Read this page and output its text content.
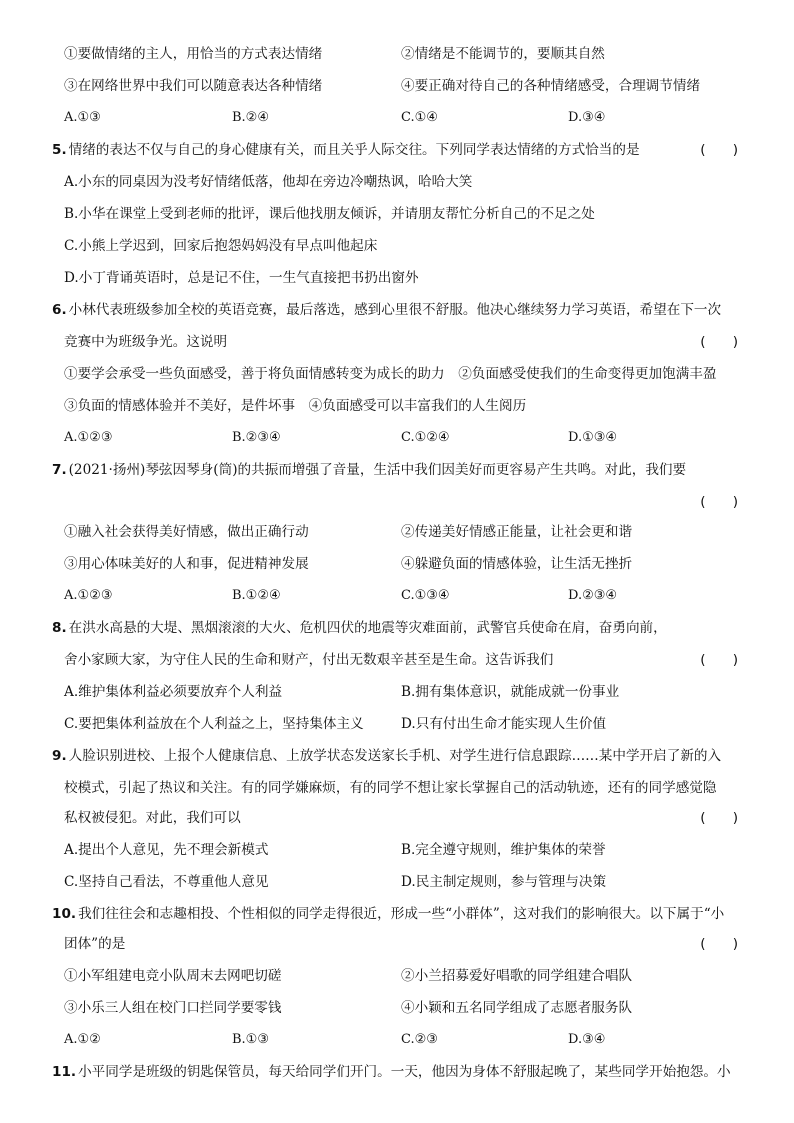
①要做情绪的主人，用恰当的方式表达情绪	②情绪是不能调节的，要顺其自然
③在网络世界中我们可以随意表达各种情绪	④要正确对待自己的各种情绪感受，合理调节情绪
A.①③	B.②④	C.①④	D.③④
5. 情绪的表达不仅与自己的身心健康有关，而且关乎人际交往。下列同学表达情绪的方式恰当的是	(　　)
A.小东的同桌因为没考好情绪低落，他却在旁边冷嘲热讽，哈哈大笑
B.小华在课堂上受到老师的批评，课后他找朋友倾诉，并请朋友帮忙分析自己的不足之处
C.小熊上学迟到，回家后抱怨妈妈没有早点叫他起床
D.小丁背诵英语时，总是记不住，一生气直接把书扔出窗外
6. 小林代表班级参加全校的英语竞赛，最后落选，感到心里很不舒服。他决心继续努力学习英语，希望在下一次
竞赛中为班级争光。这说明	(　　)
①要学会承受一些负面感受，善于将负面情感转变为成长的助力　②负面感受使我们的生命变得更加饱满丰盈
③负面的情感体验并不美好，是件坏事　④负面感受可以丰富我们的人生阅历
A.①②③	B.②③④	C.①②④	D.①③④
7. (2021·扬州)琴弦因琴身(筒)的共振而增强了音量，生活中我们因美好而更容易产生共鸣。对此，我们要
(　　)
①融入社会获得美好情感，做出正确行动	②传递美好情感正能量，让社会更和谐
③用心体味美好的人和事，促进精神发展	④躲避负面的情感体验，让生活无挫折
A.①②③	B.①②④	C.①③④	D.②③④
8. 在洪水高悬的大堤、黑烟滚滚的大火、危机四伏的地震等灾难面前，武警官兵使命在肩，奋勇向前，
舍小家顾大家，为守住人民的生命和财产，付出无数艰辛甚至是生命。这告诉我们	(　　)
A.维护集体利益必须要放弃个人利益	B.拥有集体意识，就能成就一份事业
C.要把集体利益放在个人利益之上，坚持集体主义	D.只有付出生命才能实现人生价值
9. 人脸识别进校、上报个人健康信息、上放学状态发送家长手机、对学生进行信息跟踪……某中学开启了新的入
校模式，引起了热议和关注。有的同学嫌麻烦，有的同学不想让家长掌握自己的活动轨迹，还有的同学感觉隐
私权被侵犯。对此，我们可以	(　　)
A.提出个人意见，先不理会新模式	B.完全遵守规则，维护集体的荣誉
C.坚持自己看法，不尊重他人意见	D.民主制定规则，参与管理与决策
10. 我们往往会和志趣相投、个性相似的同学走得很近，形成一些“小群体”，这对我们的影响很大。以下属于“小
团体”的是	(　　)
①小军组建电竞小队周末去网吧切磋	②小兰招募爱好唱歌的同学组建合唱队
③小乐三人组在校门口拦同学要零钱	④小颖和五名同学组成了志愿者服务队
A.①②	B.①③	C.②③	D.③④
11. 小平同学是班级的钥匙保管员，每天给同学们开门。一天，他因为身体不舒服起晚了，某些同学开始抱怨。小
